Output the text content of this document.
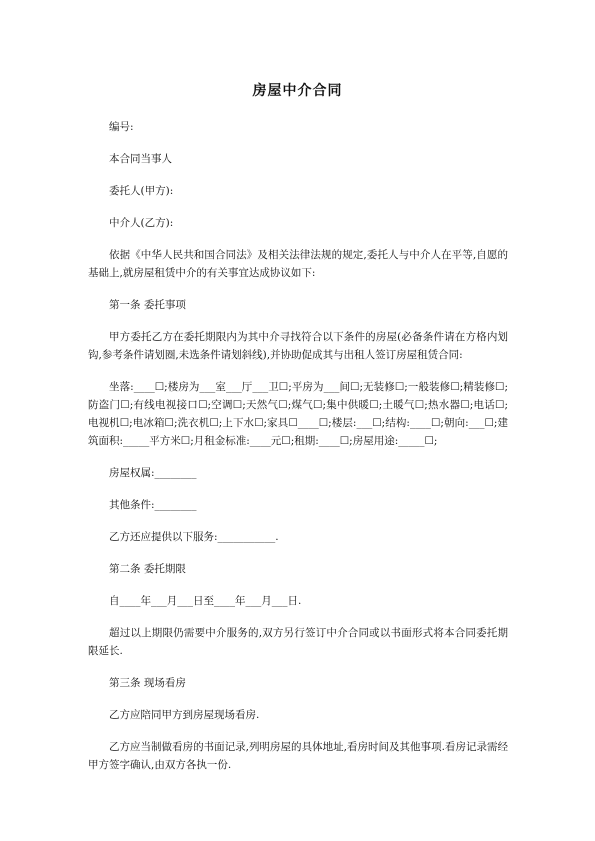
房屋中介合同

编号:

本合同当事人

委托人(甲方):

中介人(乙方):

依据《中华人民共和国合同法》及相关法律法规的规定,委托人与中介人在平等,自愿的基础上,就房屋租赁中介的有关事宜达成协议如下:

第一条 委托事项

甲方委托乙方在委托期限内为其中介寻找符合以下条件的房屋(必备条件请在方格内划钩,参考条件请划圈,未选条件请划斜线),并协助促成其与出租人签订房屋租赁合同:

坐落:____☐;楼房为___室___厅___卫☐;平房为___间☐;无装修☐;一般装修☐;精装修☐;防盗门☐;有线电视接口☐;空调☐;天然气☐;煤气☐;集中供暖☐;土暖气☐;热水器☐;电话☐;电视机☐;电冰箱☐;洗衣机☐;上下水☐;家具☐____☐;楼层:___☐;结构:____☐;朝向:___☐;建筑面积:_____平方米☐;月租金标准:____元☐;租期:____☐;房屋用途:_____☐;

房屋权属:________

其他条件:________

乙方还应提供以下服务:___________.

第二条 委托期限

自____年___月___日至____年___月___日.

超过以上期限仍需要中介服务的,双方另行签订中介合同或以书面形式将本合同委托期限延长.

第三条 现场看房

乙方应陪同甲方到房屋现场看房.

乙方应当制做看房的书面记录,列明房屋的具体地址,看房时间及其他事项.看房记录需经甲方签字确认,由双方各执一份.
